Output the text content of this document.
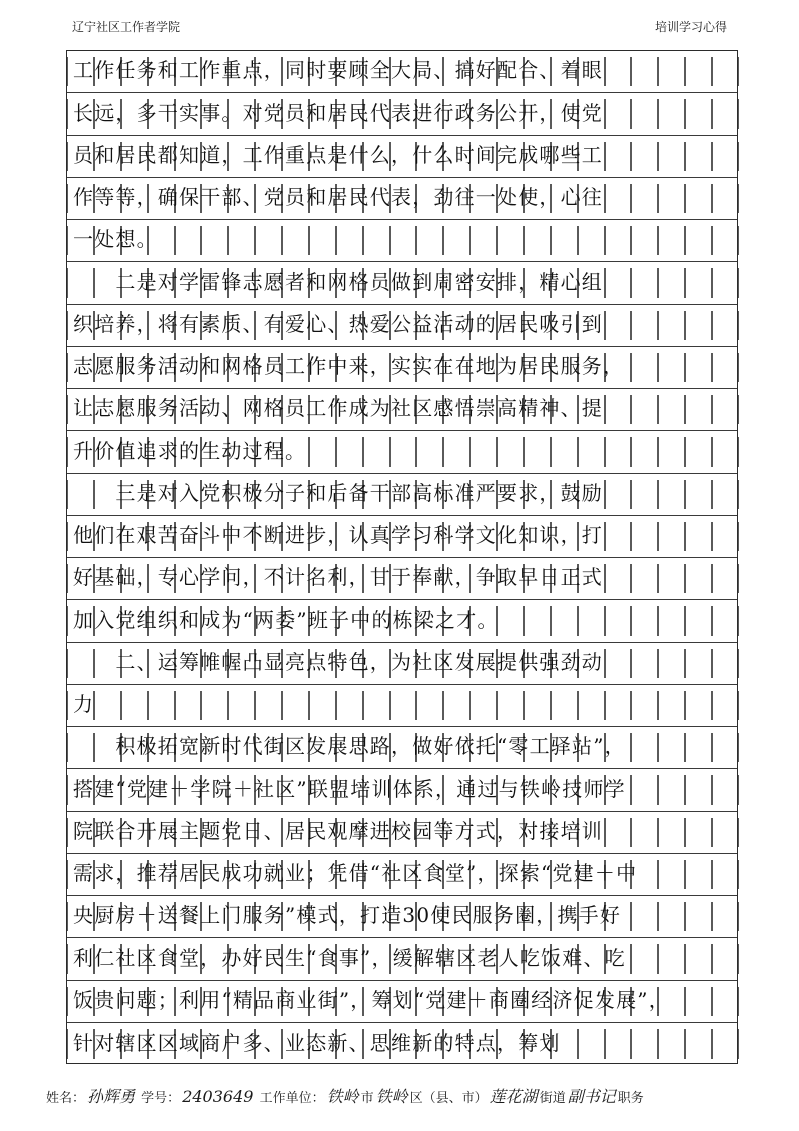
辽宁社区工作者学院	培训学习心得
工作任务和工作重点，同时要顾全大局、搞好配合、着眼
长远，多干实事。对党员和居民代表进行政务公开，使党
员和居民都知道，工作重点是什么，什么时间完成哪些工
作等等，确保干部、党员和居民代表，劲往一处使，心往
一处想。
　　二是对学雷锋志愿者和网格员做到周密安排，精心组
织培养，将有素质、有爱心、热爱公益活动的居民吸引到
志愿服务活动和网格员工作中来，实实在在地为居民服务，
让志愿服务活动、网格员工作成为社区感悟崇高精神、提
升价值追求的生动过程。
　　三是对入党积极分子和后备干部高标准严要求，鼓励
他们在艰苦奋斗中不断进步，认真学习科学文化知识，打
好基础，专心学问，不计名利，甘于奉献，争取早日正式
加入党组织和成为“两委”班子中的栋梁之才。
　　二、运筹帷幄凸显亮点特色，为社区发展提供强劲动
力
　　积极拓宽新时代街区发展思路，做好依托“零工驿站”，
搭建“党建＋学院＋社区”联盟培训体系，通过与铁岭技师学
院联合开展主题党日、居民观摩进校园等方式，对接培训
需求，推荐居民成功就业；凭借“社区食堂”，探索“党建＋中
央厨房＋送餐上门服务”模式，打造30便民服务圈，携手好
利仁社区食堂，办好民生“食事”，缓解辖区老人吃饭难、吃
饭贵问题；利用“精品商业街”，筹划“党建＋商圈经济促发展”，
针对辖区区域商户多、业态新、思维新的特点，筹划
姓名： 孙辉勇 学号： 2403649 工作单位： 铁岭 市 铁岭 区（县、市） 莲花湖 街道 副书记 职务
